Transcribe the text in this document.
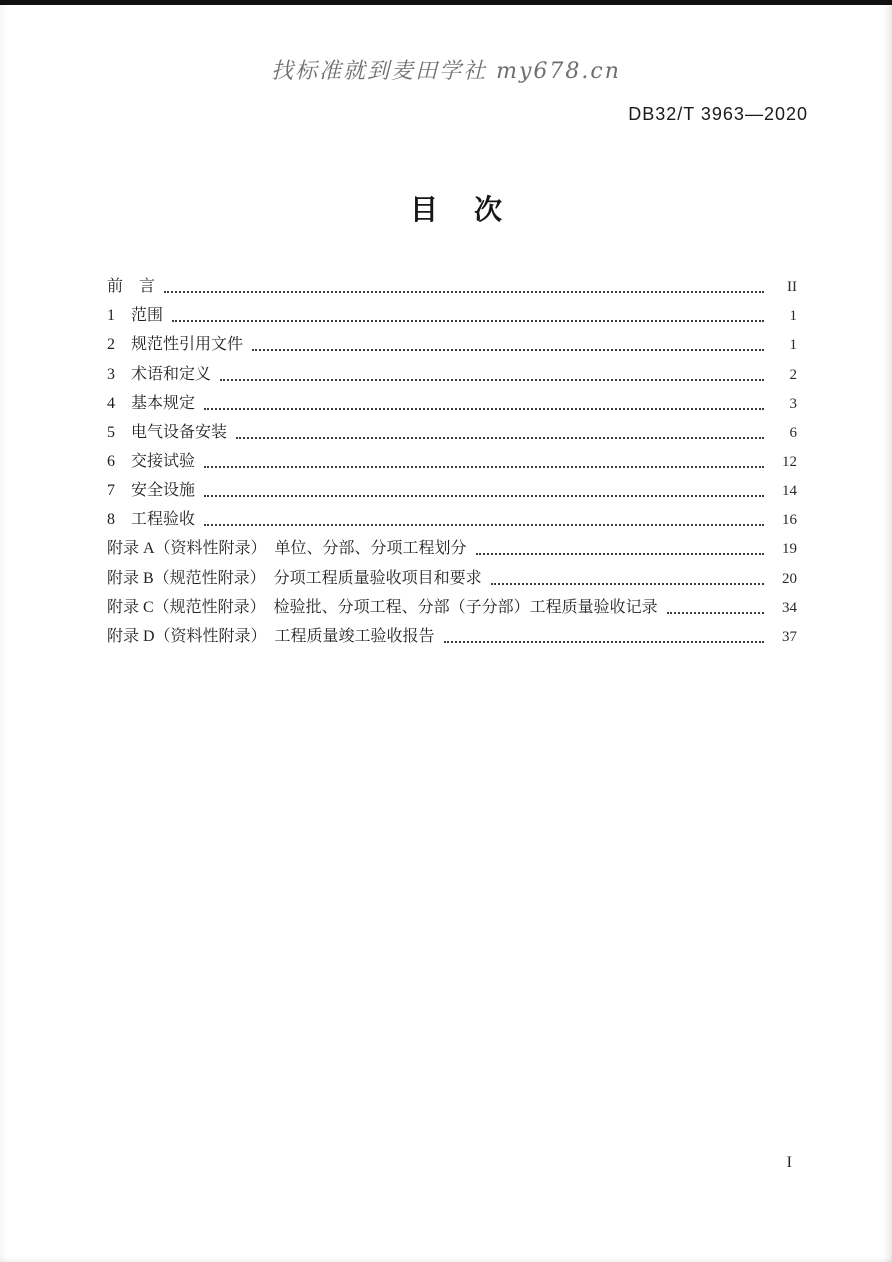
找标准就到麦田学社 my678.cn
DB32/T 3963—2020
目　次
前　言	II
1　范围	1
2　规范性引用文件	1
3　术语和定义	2
4　基本规定	3
5　电气设备安装	6
6　交接试验	12
7　安全设施	14
8　工程验收	16
附录 A（资料性附录）　单位、分部、分项工程划分	19
附录 B（规范性附录）　分项工程质量验收项目和要求	20
附录 C（规范性附录）　检验批、分项工程、分部（子分部）工程质量验收记录	34
附录 D（资料性附录）　工程质量竣工验收报告	37
I
